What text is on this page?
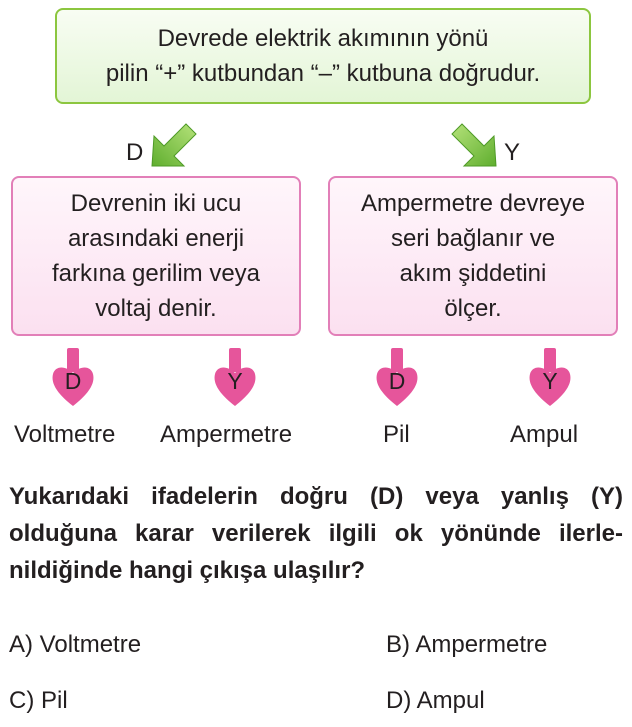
Devrede elektrik akımının yönü
pilin “+” kutbundan “–” kutbuna doğrudur.
D	Y
Devrenin iki ucu
arasındaki enerji
farkına gerilim veya
voltaj denir.
Ampermetre devreye
seri bağlanır ve
akım şiddetini
ölçer.
D	Y	D	Y
Voltmetre Ampermetre	Pil	Ampul
Yukarıdaki ifadelerin doğru (D) veya yanlış (Y)
olduğuna karar verilerek ilgili ok yönünde ilerle-
nildiğinde hangi çıkışa ulaşılır?
A) Voltmetre	B) Ampermetre
C) Pil	D) Ampul
